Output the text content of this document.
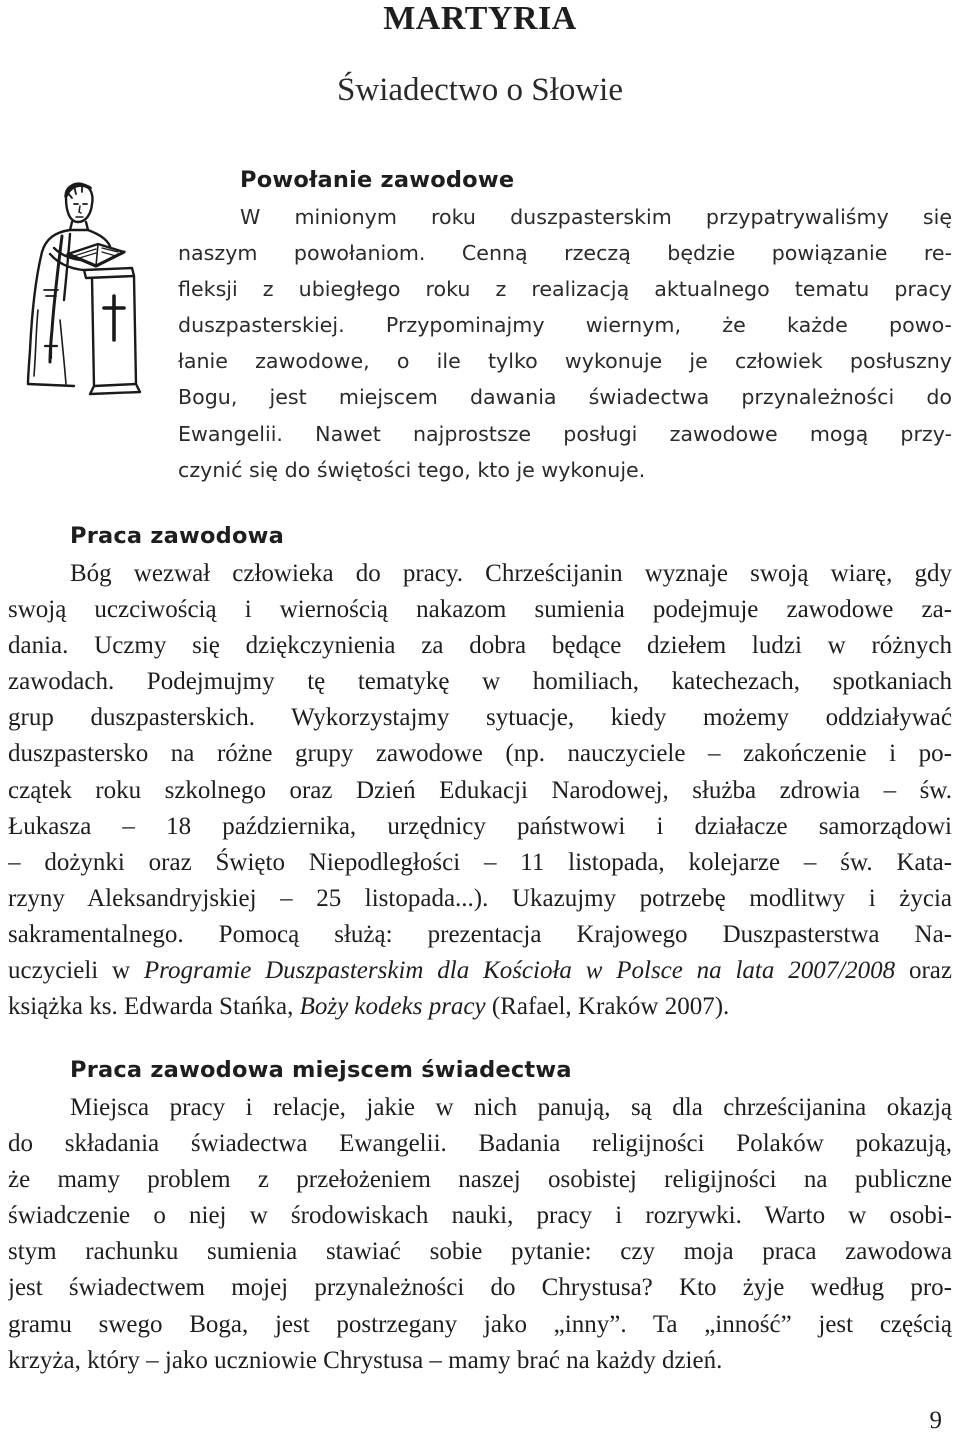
MARTYRIA
Świadectwo o Słowie
Powołanie zawodowe
W minionym roku duszpasterskim przypatrywaliśmy się
naszym powołaniom. Cenną rzeczą będzie powiązanie re-
fleksji z ubiegłego roku z realizacją aktualnego tematu pracy
duszpasterskiej. Przypominajmy wiernym, że każde powo-
łanie zawodowe, o ile tylko wykonuje je człowiek posłuszny
Bogu, jest miejscem dawania świadectwa przynależności do
Ewangelii. Nawet najprostsze posługi zawodowe mogą przy-
czynić się do świętości tego, kto je wykonuje.
Praca zawodowa
Bóg wezwał człowieka do pracy. Chrześcijanin wyznaje swoją wiarę, gdy
swoją uczciwością i wiernością nakazom sumienia podejmuje zawodowe za-
dania. Uczmy się dziękczynienia za dobra będące dziełem ludzi w różnych
zawodach. Podejmujmy tę tematykę w homiliach, katechezach, spotkaniach
grup duszpasterskich. Wykorzystajmy sytuacje, kiedy możemy oddziaływać
duszpastersko na różne grupy zawodowe (np. nauczyciele – zakończenie i po-
czątek roku szkolnego oraz Dzień Edukacji Narodowej, służba zdrowia – św.
Łukasza – 18 października, urzędnicy państwowi i działacze samorządowi
– dożynki oraz Święto Niepodległości – 11 listopada, kolejarze – św. Kata-
rzyny Aleksandryjskiej – 25 listopada...). Ukazujmy potrzebę modlitwy i życia
sakramentalnego. Pomocą służą: prezentacja Krajowego Duszpasterstwa Na-
uczycieli w Programie Duszpasterskim dla Kościoła w Polsce na lata 2007/2008 oraz
książka ks. Edwarda Stańka, Boży kodeks pracy (Rafael, Kraków 2007).
Praca zawodowa miejscem świadectwa
Miejsca pracy i relacje, jakie w nich panują, są dla chrześcijanina okazją
do składania świadectwa Ewangelii. Badania religijności Polaków pokazują,
że mamy problem z przełożeniem naszej osobistej religijności na publiczne
świadczenie o niej w środowiskach nauki, pracy i rozrywki. Warto w osobi-
stym rachunku sumienia stawiać sobie pytanie: czy moja praca zawodowa
jest świadectwem mojej przynależności do Chrystusa? Kto żyje według pro-
gramu swego Boga, jest postrzegany jako „inny”. Ta „inność” jest częścią
krzyża, który – jako uczniowie Chrystusa – mamy brać na każdy dzień.
9
